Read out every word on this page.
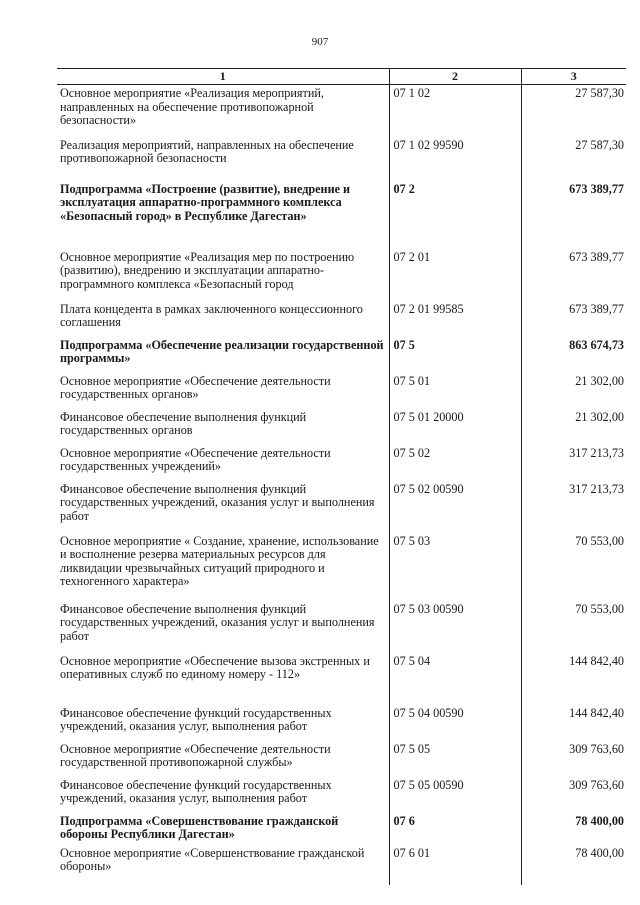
907
1	2	3
Основное мероприятие «Реализация мероприятий, направленных на обеспечение противопожарной безопасности»	07 1 02	27 587,30
Реализация мероприятий, направленных на обеспечение противопожарной безопасности	07 1 02 99590	27 587,30
Подпрограмма «Построение (развитие), внедрение и эксплуатация аппаратно-программного комплекса «Безопасный город» в Республике Дагестан»	07 2	673 389,77
Основное мероприятие «Реализация мер по построению (развитию), внедрению и эксплуатации аппаратно-программного комплекса «Безопасный город	07 2 01	673 389,77
Плата концедента в рамках заключенного концессионного соглашения	07 2 01 99585	673 389,77
Подпрограмма «Обеспечение реализации государственной программы»	07 5	863 674,73
Основное мероприятие «Обеспечение деятельности государственных органов»	07 5 01	21 302,00
Финансовое обеспечение выполнения функций государственных органов	07 5 01 20000	21 302,00
Основное мероприятие «Обеспечение деятельности государственных учреждений»	07 5 02	317 213,73
Финансовое обеспечение выполнения функций государственных учреждений, оказания услуг и выполнения работ	07 5 02 00590	317 213,73
Основное мероприятие « Создание, хранение, использование и восполнение резерва материальных ресурсов для ликвидации чрезвычайных ситуаций природного и техногенного характера»	07 5 03	70 553,00
Финансовое обеспечение выполнения функций государственных учреждений, оказания услуг и выполнения работ	07 5 03 00590	70 553,00
Основное мероприятие «Обеспечение вызова экстренных и оперативных служб по единому номеру - 112»	07 5 04	144 842,40
Финансовое обеспечение функций государственных учреждений, оказания услуг, выполнения работ	07 5 04 00590	144 842,40
Основное мероприятие «Обеспечение деятельности государственной противопожарной службы»	07 5 05	309 763,60
Финансовое обеспечение функций государственных учреждений, оказания услуг, выполнения работ	07 5 05 00590	309 763,60
Подпрограмма «Совершенствование гражданской обороны Республики Дагестан»	07 6	78 400,00
Основное мероприятие «Совершенствование гражданской обороны»	07 6 01	78 400,00
